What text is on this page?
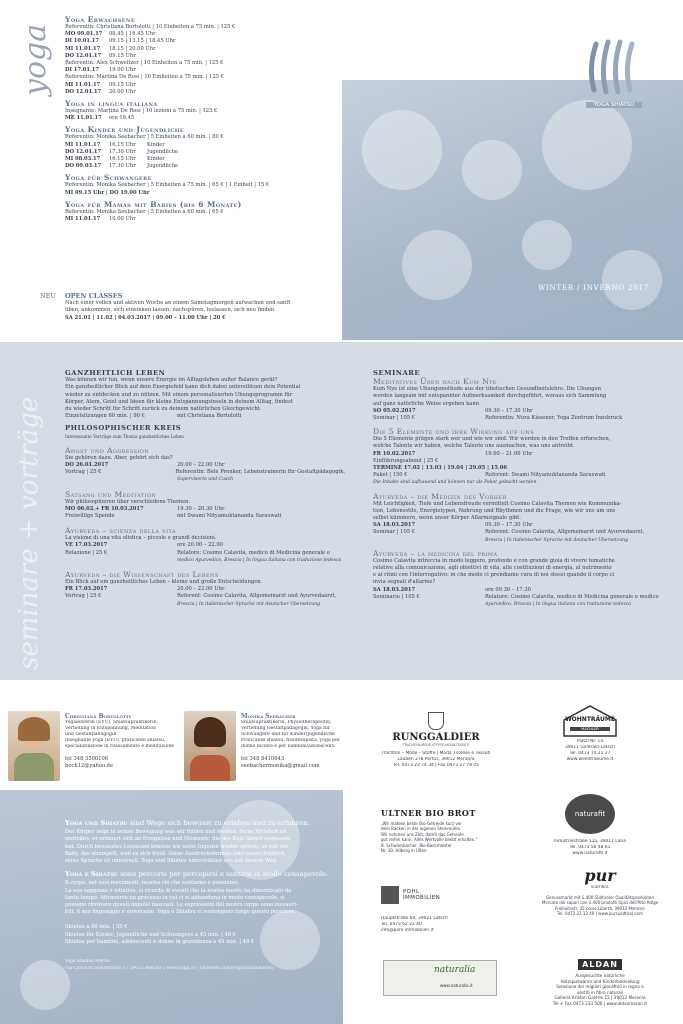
yoga
Yoga Erwachsene
Referentin: Christiana Bortolotti | 10 Einheiten à 75 min. | 125 €
MO 09.01.17 08.45 | 16.45 Uhr
DI 10.01.17	09.15 | 13.15 | 18.45 Uhr
MI 11.01.17	18.15 | 20.00 Uhr
DO 12.01.17	09.15 Uhr
Referentin: Alex Schweitzer | 10 Einheiten à 75 min. | 125 €
DI 17.01.17	19.00 Uhr
Referentin: Martina De Rosi | 10 Einheiten à 75 min. | 125 €
MI 11.01.17	09.15 Uhr
DO 12.01.17	20.00 Uhr
Yoga in lingua italiana
Insegnante: Martina De Rosi | 10 lezioni à 75 min. | 125 €
ME 11.01.17 ore 19.45
Yoga Kinder und Jugendliche
Referentin: Monika Seebacher | 5 Einheiten à 60 min. | 80 €
MI 11.01.17	16.15 Uhr	Kinder
DO 12.01.17	17.30 Uhr	Jugendliche
MI 08.03.17	16.15 Uhr	Kinder
DO 09.03.17	17.30 Uhr	Jugendliche
Yoga für Schwangere
Referentin: Monika Seebacher | 5 Einheiten à 75 min. | 65 € | 1 Einheit | 15 €
MI 09.15 Uhr | DO 19.00 Uhr
Yoga für Mamas mit Babies (bis 6 Monate)
Referentin: Monika Seebacher | 5 Einheiten à 60 min. | 65 €
MI 11.01.17	10.00 Uhr
NEU OPEN CLASSES
Nach einer vollen und aktiven Woche an einem Samstagmorgen aufwachen und sanft
üben, ankommen, sich einsinken lassen, nachspüren, loslassen, sich neu finden.
SA 21.01 | 11.02 | 04.03.2017 | 09.00 – 11.00 Uhr | 20 €
WINTER / INVERNO 2017
YOGA SHIATSU
seminare + vorträge
GANZHEITLICH LEBEN
Was können wir tun, wenn unsere Energie im Alltagsleben außer Balance gerät?
Ein ganzheitlicher Blick auf dein Energiefeld kann dich dabei unterstützen dein Potential
wieder zu entdecken und zu nützen. Mit einem personalisierten Übungsprogramm für
Körper, Atem, Geist und Ideen für kleine Entspannungsinseln in deinem Alltag, findest
du wieder Schritt für Schritt zurück zu deinem natürlichen Gleichgewicht.
Einzelsitzungen 60 min. | 90 €	mit Christiana Bortolotti
PHILOSOPHISCHER KREIS
Interessante Vorträge zum Thema ganzheitliches Leben
Angst und Aggression
Sie gehören dazu. Aber, gehört sich das?
DO 26.01.2017	20.00 – 22.00 Uhr
Vortrag | 25 €	Referentin: Bele Prenker, Lebenstrainerin für Gestaltpädagogik,
Supervisorin und Coach
Satsang und Meditation
Wir philosophieren über verschiedene Themen.
MO 06.02.+ FR 10.03.2017	19.30 – 20.30 Uhr
Freiwillige Spende	mit Swami Nityamuktananda Saraswati
Ayurveda – scienza della vita
La visione di una vita olistica – piccole e grandi decisioni.
VE 17.03.2017	ore 20.00 – 22.00
Relazione | 25 €	Relatore: Cosimo Calavita, medico di Medicina generale e
medico Ayurvedico, Brescia | In lingua italiana con traduzione tedesca
Ayurveda – die Wissenschaft des Lebens
Ein Blick auf ein ganzheitliches Leben – kleine und große Entscheidungen.
FR 17.03.2017	20.00 – 22.00 Uhr
Vortrag | 25 €	Referent: Cosimo Calavita, Allgemeinarzt und Ayurvedaarzt,
Brescia | In italienischer Sprache mit deutscher Übersetzung
SEMINARE
Meditatives Üben nach Kum Nye
Kum Nye ist eine Übungsmethode aus der tibetischen Gesundheitslehre. Die Übungen
werden langsam mit entspannter Aufmerksamkeit durchgeführt, woraus sich Sammlung
auf ganz natürliche Weise ergeben kann.
SO 05.02.2017	09.30 – 17.30 Uhr
Seminar | 105 €	Referentin: Nura Kissener, Yoga Zentrum Innsbruck
Die 5 Elemente und ihre Wirkung auf uns
Die 5 Elemente prägen stark wer und wie wir sind. Wir werden in den Treffen erforschen,
welche Talente wir haben, welche Talente uns ausmachen, was uns antreibt.
FR 10.02.2017	19.00 – 21.00 Uhr
Einführungsabend | 25 €
TERMINE 17.02 | 13.03 | 19.04 | 29.05 | 15.06
Paket | 150 €	Referent: Swami Nityamuktananda Saraswati
Die Inhalte sind aufbauend und können nur als Paket gebucht werden
Ayurveda – die Medizin des Vorher
Mit Leichtigkeit, Tiefe und Lebensfreude vermittelt Cosimo Calavita Themen wie Kommunika-
tion, Lebensstile, Energietypen, Nahrung und Rhythmen und die Frage, wie wir uns um uns
selbst kümmern, wenn unser Körper Allarmsignale gibt.
SA 18.03.2017	09.30 – 17.30 Uhr
Seminar | 105 €	Referent: Cosimo Calavita, Allgemeinarzt und Ayurvedaarzt,
Brescia | In italienischer Sprache mit deutscher Übersetzung
Ayurveda – la medicina del prima
Cosimo Calavita intreccia in modo leggero, profondo e con grande gioia di vivere tematiche
relative alla comunicazione, agli obiettivi di vita, alle costituzioni di energia, al nutrimento
e ai ritmi con l'interrogativo: in che modo ci prendiamo cura di noi stessi quando il corpo ci
invia segnali d'allarme?
SA 18.03.2017	ore 09.30 – 17.30
Seminario | 105 €	Relatore: Cosimo Calavita, medico di Medicina generale e medico
Ayurvedico, Brescia | In lingua italiana con traduzione tedesca
Christiana Bortolotti
Yogalehrerin (EYU), Shiatsupraktikerin,
Vertiefung in Entspannung, Meditation
und Gestaltpädagogik
Insegnante yoga (EYU), praticante shiatsu,
specializzazione in rilassamento e meditazione
tel 348 3500106
boch12@yahoo.de
Monika Seebacher
Shiatsupraktikerin, Physiotherapeutin,
Vertiefung Gestaltpädagogik, Yoga für
Schwangere und für Kinder/Jugendliche
Praticante shiatsu, fisioterapista, yoga per
donne incinte e per bambini/adolescenti
tel 348 8410643
seebachermonika@gmail.com
Yoga und Shiatsu sind Wege sich bewusst zu erleben und zu erfahren.
Der Körper zeigt in seiner Bewegung was wir fühlen und denken. Seine Weisheit ist
instinktiv, er erinnert sich an Ereignisse und Momente, die der Kopf längst vergessen
hat. Durch bewusstes Loslassen können wir seine Impulse wieder spüren, so wie ein
Baby, das strampelt, weil es sich freut. Seine Ausdrucksformen sind unerschöpflich,
seine Sprache ist universell. Yoga und Shiatsu unterstützen uns auf diesem Weg.
Yoga e Shiatsu sono percorsi per percepirsi e sentirsi in modo consapevole.
Il corpo, nei suoi movimenti, mostra ciò che sentiamo e pensiamo.
La sua saggezza è istintiva, si ricorda di eventi che la nostra mente ha dimenticato da
tanto tempo. Attraverso un processo in cui ci si abbandona in modo consapevole, si
possono ritrovare questi impulsi nascosti. Le espressioni del nostro corpo sono inesauri-
bili, il suo linguaggio è universale. Yoga e Shiatsu ci sostengono lungo questo percorso.
Shiatsu à 60 min. | 55 €
Shiatsu für Kinder, Jugendliche und Schwangere à 45 min. | 48 €
Shiatsu per bambini, adolescenti e donne in gravidanza à 45 min. | 48 €
Yoga Shiatsu Meran
Via Cavour/Cavourstraße 37 39012 Merano | www.yoga.cc | facebook.com/yogashiatsumeran
RUNGGALDIER
TRACHTEN-MODE-STOFFE-MODA-TESSUTI
Trachten – Mode – Stoffe | Moda Tirolese e Tessuti
Lauben 278 Portici, 39012 Meran/o
Tel. 0473 23 74 34 | Fax 0473 27 78 05
WOHNTRÄUME
MACHLER
Platzl Nr. 14
39011 Goldrain-Latsch
Tel. 0473 74 21 27
www.wohntraeume.it
ULTNER BIO BROT
„Wir mahlen beste Bio-Getreide kurz vor
dem Backen in der eigenen Steinmühle.
Wir nehmen uns Zeit, damit das Getreide
gut reifen kann. Alles Wertvolle bleibt erhalten.“
B. Schwienbacher, Bio-Backmeister
Nr. 30, Hilberg in Ulten
naturafit
Industriestraße 11a, 39011 Lana
Tel. 0473 56 48 61
www.naturafit.it
POHL IMMOBILIEN
Hauptstraße 60, 39021 Latsch
Tel. 0473 62 22 40
info@pohl-immobilien.it
pur
SÜDTIROL
Genussmarkt mit ü 400 Südtiroler Qualitätsprodukten
Mercato dei sapori con ü 400 prodotti tipici dell'Alto Adige
Freiheitsstr. 35 corso Libertà, 39012 Meran/o
Tel. 0473 23 12 40 | www.pursuedtirol.com
naturalia
www.naturalia.it
ALDAN
Ausgesuchte natürliche
Holzspielwaren und Kinderbekleidung
Selezione dei migliori giocattoli in legno e
vestiti in fibre naturali
Galleria Ariston Galerie 15 | 39012 Meran/o
Tel + Fax 0473 233 500 | www.aldanmeran.it
